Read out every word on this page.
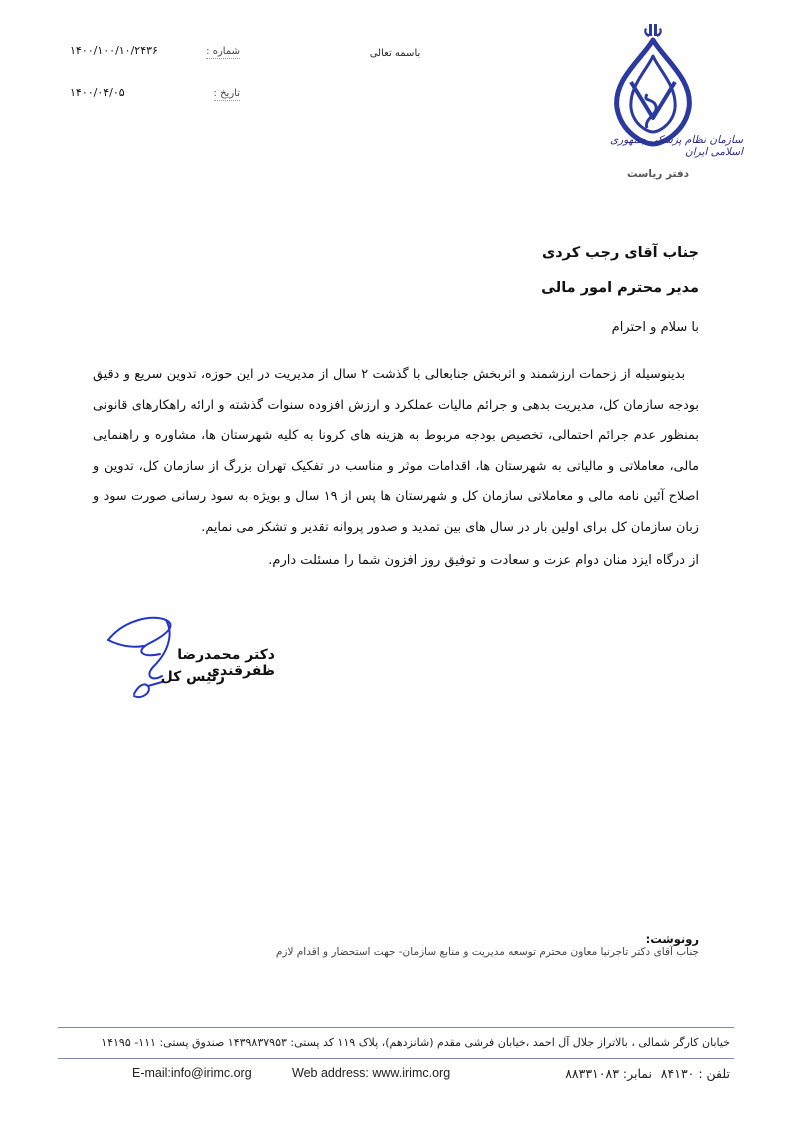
۱۴۰۰/۱۰۰/۱۰/۲۴۳۶	شماره :
۱۴۰۰/۰۴/۰۵	تاریخ :
باسمه تعالی
سازمان نظام پزشکی جمهوری اسلامی ایران
دفتر ریاست
جناب آقای رجب کردی
مدیر محترم امور مالی
با سلام و احترام

بدینوسیله از زحمات ارزشمند و اثربخش جنابعالی با گذشت ۲ سال از مدیریت در این حوزه، تدوین سریع و دقیق بودجه سازمان کل، مدیریت بدهی و جرائم مالیات عملکرد و ارزش افزوده سنوات گذشته و ارائه راهکارهای قانونی بمنظور عدم جرائم احتمالی، تخصیص بودجه مربوط به هزینه های کرونا به کلیه شهرستان ها، مشاوره و راهنمایی مالی، معاملاتی و مالیاتی به شهرستان ها، اقدامات موثر و مناسب در تفکیک تهران بزرگ از سازمان کل، تدوین و اصلاح آئین نامه مالی و معاملاتی سازمان کل و شهرستان ها پس از ۱۹ سال و بویژه به سود رسانی صورت سود و زبان سازمان کل برای اولین بار در سال های بین تمدید و صدور پروانه تقدیر و تشکر می نمایم.

از درگاه ایزد منان دوام عزت و سعادت و توفیق روز افزون شما را مسئلت دارم.
دکتر محمدرضا ظفرقندی
رئیس کل
رونوشت:
جناب آقای دکتر تاجرنیا معاون محترم توسعه مدیریت و منابع سازمان- جهت استحضار و اقدام لازم
خیابان کارگر شمالی ، بالاتراز جلال آل احمد ،خیابان فرشی مقدم (شانزدهم)، پلاک ۱۱۹ کد پستی: ۱۴۳۹۸۳۷۹۵۳ صندوق پستی: ۱۱۱- ۱۴۱۹۵
تلفن : ۸۴۱۳۰
نمابر: ۸۸۳۳۱۰۸۳
Web address: www.irimc.org
E-mail:info@irimc.org
